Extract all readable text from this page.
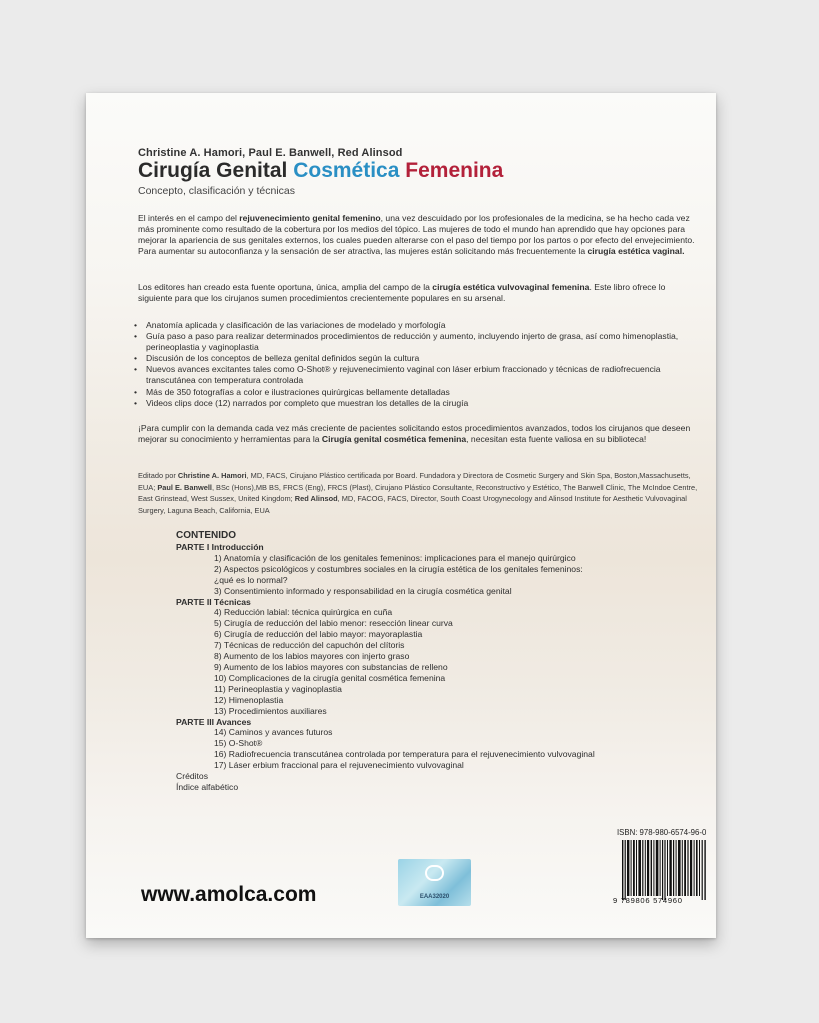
Christine A. Hamori, Paul E. Banwell, Red Alinsod
Cirugía Genital Cosmética Femenina
Concepto, clasificación y técnicas

El interés en el campo del rejuvenecimiento genital femenino, una vez descuidado por los profesionales de la medicina, se ha hecho cada vez más prominente como resultado de la cobertura por los medios del tópico. Las mujeres de todo el mundo han aprendido que hay opciones para mejorar la apariencia de sus genitales externos, los cuales pueden alterarse con el paso del tiempo por los partos o por efecto del envejecimiento. Para aumentar su autoconfianza y la sensación de ser atractiva, las mujeres están solicitando más frecuentemente la cirugía estética vaginal.

Los editores han creado esta fuente oportuna, única, amplia del campo de la cirugía estética vulvovaginal femenina. Este libro ofrece lo siguiente para que los cirujanos sumen procedimientos crecientemente populares en su arsenal.

• Anatomía aplicada y clasificación de las variaciones de modelado y morfología
• Guía paso a paso para realizar determinados procedimientos de reducción y aumento, incluyendo injerto de grasa, así como himenoplastia, perineoplastia y vaginoplastia
• Discusión de los conceptos de belleza genital definidos según la cultura
• Nuevos avances excitantes tales como O-Shot® y rejuvenecimiento vaginal con láser erbium fraccionado y técnicas de radiofrecuencia transcutánea con temperatura controlada
• Más de 350 fotografías a color e ilustraciones quirúrgicas bellamente detalladas
• Videos clips doce (12) narrados por completo que muestran los detalles de la cirugía

¡Para cumplir con la demanda cada vez más creciente de pacientes solicitando estos procedimientos avanzados, todos los cirujanos que deseen mejorar su conocimiento y herramientas para la Cirugía genital cosmética femenina, necesitan esta fuente valiosa en su biblioteca!

Editado por Christine A. Hamori, MD, FACS, Cirujano Plástico certificada por Board. Fundadora y Directora de Cosmetic Surgery and Skin Spa, Boston,Massachusetts, EUA; Paul E. Banwell, BSc (Hons),MB BS, FRCS (Eng), FRCS (Plast), Cirujano Plástico Consultante, Reconstructivo y Estético, The Banwell Clinic, The McIndoe Centre, East Grinstead, West Sussex, United Kingdom; Red Alinsod, MD, FACOG, FACS, Director, South Coast Urogynecology and Alinsod Institute for Aesthetic Vulvovaginal Surgery, Laguna Beach, California, EUA

CONTENIDO
PARTE I Introducción
1) Anatomía y clasificación de los genitales femeninos: implicaciones para el manejo quirúrgico
2) Aspectos psicológicos y costumbres sociales en la cirugía estética de los genitales femeninos:
¿qué es lo normal?
3) Consentimiento informado y responsabilidad en la cirugía cosmética genital
PARTE II Técnicas
4) Reducción labial: técnica quirúrgica en cuña
5) Cirugía de reducción del labio menor: resección linear curva
6) Cirugía de reducción del labio mayor: mayoraplastia
7) Técnicas de reducción del capuchón del clítoris
8) Aumento de los labios mayores con injerto graso
9) Aumento de los labios mayores con substancias de relleno
10) Complicaciones de la cirugía genital cosmética femenina
11) Perineoplastia y vaginoplastia
12) Himenoplastia
13) Procedimientos auxiliares
PARTE III Avances
14) Caminos y avances futuros
15) O-Shot®
16) Radiofrecuencia transcutánea controlada por temperatura para el rejuvenecimiento vulvovaginal
17) Láser erbium fraccional para el rejuvenecimiento vulvovaginal
Créditos
Índice alfabético
EAA32020
www.amolca.com
ISBN: 978-980-6574-96-0
9 789806 574960
